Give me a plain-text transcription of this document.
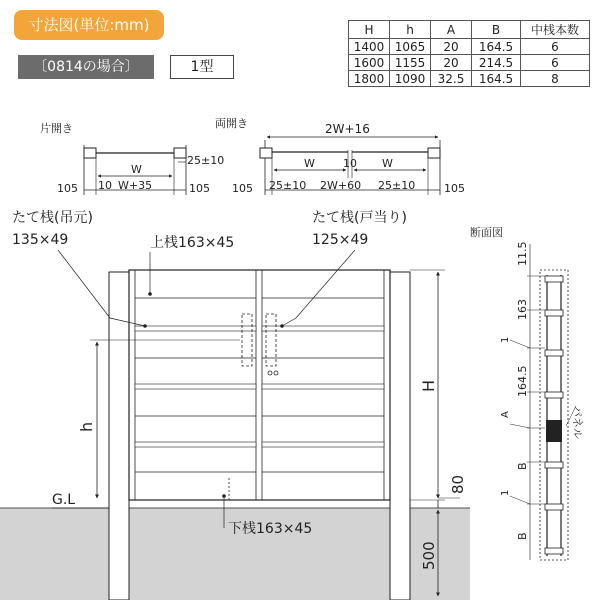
寸法図(単位:mm)
〔0814の場合〕	1型
H	h	A	B	中桟本数
1400	1065	20	164.5	6
1600	1155	20	214.5	6
1800	1090	32.5	164.5	8
片開き
W
25±10
105 10 W+35	105
両開き	2W+16
W	10 W
105 25±10 2W+60 25±10	105
たて桟(吊元)
135×49	上桟163×45
たて桟(戸当り)
125×49
H
80
500
h
G.L
下桟163×45
断面図
11.5
163
1
164.5
A
B
1
B
パネル
